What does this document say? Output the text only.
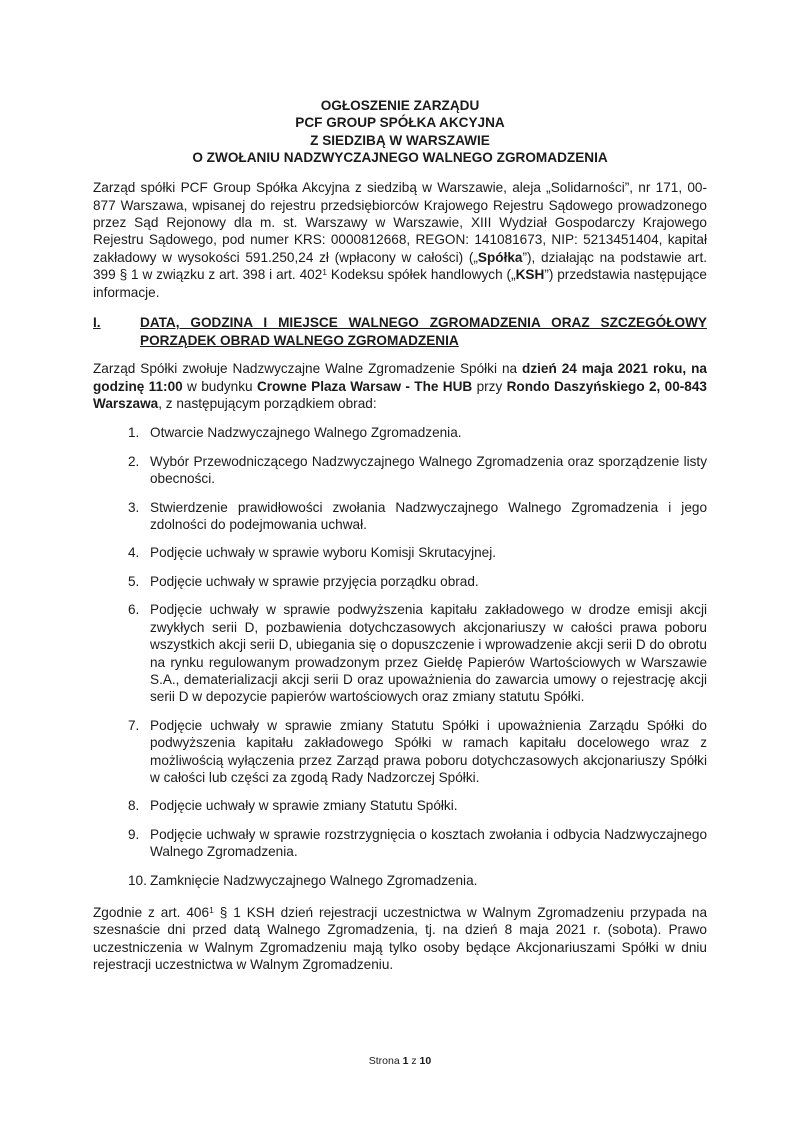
OGŁOSZENIE ZARZĄDU
PCF GROUP SPÓŁKA AKCYJNA
Z SIEDZIBĄ W WARSZAWIE
O ZWOŁANIU NADZWYCZAJNEGO WALNEGO ZGROMADZENIA

Zarząd spółki PCF Group Spółka Akcyjna z siedzibą w Warszawie, aleja „Solidarności”, nr 171, 00-877 Warszawa, wpisanej do rejestru przedsiębiorców Krajowego Rejestru Sądowego prowadzonego przez Sąd Rejonowy dla m. st. Warszawy w Warszawie, XIII Wydział Gospodarczy Krajowego Rejestru Sądowego, pod numer KRS: 0000812668, REGON: 141081673, NIP: 5213451404, kapitał zakładowy w wysokości 591.250,24 zł (wpłacony w całości) („Spółka”), działając na podstawie art. 399 § 1 w związku z art. 398 i art. $402^1$ Kodeksu spółek handlowych („KSH”) przedstawia następujące informacje.

I.	DATA, GODZINA I MIEJSCE WALNEGO ZGROMADZENIA ORAZ SZCZEGÓŁOWY PORZĄDEK OBRAD WALNEGO ZGROMADZENIA

Zarząd Spółki zwołuje Nadzwyczajne Walne Zgromadzenie Spółki na dzień 24 maja 2021 roku, na godzinę 11:00 w budynku Crowne Plaza Warsaw - The HUB przy Rondo Daszyńskiego 2, 00-843 Warszawa, z następującym porządkiem obrad:

1. Otwarcie Nadzwyczajnego Walnego Zgromadzenia.
2. Wybór Przewodniczącego Nadzwyczajnego Walnego Zgromadzenia oraz sporządzenie listy obecności.
3. Stwierdzenie prawidłowości zwołania Nadzwyczajnego Walnego Zgromadzenia i jego zdolności do podejmowania uchwał.
4. Podjęcie uchwały w sprawie wyboru Komisji Skrutacyjnej.
5. Podjęcie uchwały w sprawie przyjęcia porządku obrad.
6. Podjęcie uchwały w sprawie podwyższenia kapitału zakładowego w drodze emisji akcji zwykłych serii D, pozbawienia dotychczasowych akcjonariuszy w całości prawa poboru wszystkich akcji serii D, ubiegania się o dopuszczenie i wprowadzenie akcji serii D do obrotu na rynku regulowanym prowadzonym przez Giełdę Papierów Wartościowych w Warszawie S.A., dematerializacji akcji serii D oraz upoważnienia do zawarcia umowy o rejestrację akcji serii D w depozycie papierów wartościowych oraz zmiany statutu Spółki.
7. Podjęcie uchwały w sprawie zmiany Statutu Spółki i upoważnienia Zarządu Spółki do podwyższenia kapitału zakładowego Spółki w ramach kapitału docelowego wraz z możliwością wyłączenia przez Zarząd prawa poboru dotychczasowych akcjonariuszy Spółki w całości lub części za zgodą Rady Nadzorczej Spółki.
8. Podjęcie uchwały w sprawie zmiany Statutu Spółki.
9. Podjęcie uchwały w sprawie rozstrzygnięcia o kosztach zwołania i odbycia Nadzwyczajnego Walnego Zgromadzenia.
10. Zamknięcie Nadzwyczajnego Walnego Zgromadzenia.

Zgodnie z art. $406^1$ § 1 KSH dzień rejestracji uczestnictwa w Walnym Zgromadzeniu przypada na szesnaście dni przed datą Walnego Zgromadzenia, tj. na dzień 8 maja 2021 r. (sobota). Prawo uczestniczenia w Walnym Zgromadzeniu mają tylko osoby będące Akcjonariuszami Spółki w dniu rejestracji uczestnictwa w Walnym Zgromadzeniu.

Strona 1 z 10
